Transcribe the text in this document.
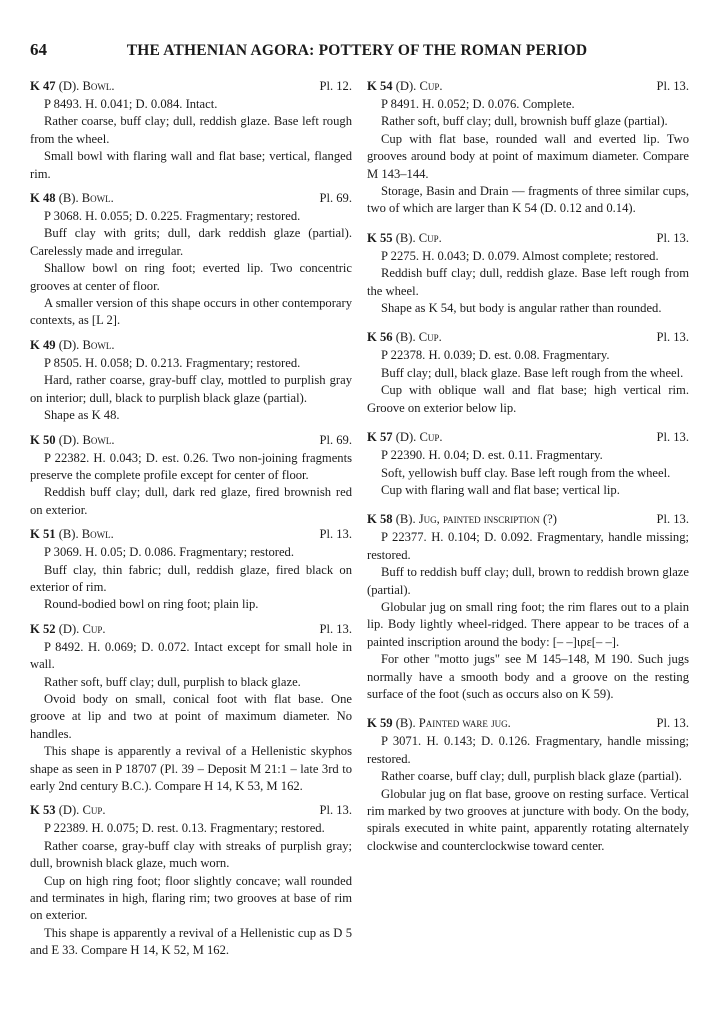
64	THE ATHENIAN AGORA: POTTERY OF THE ROMAN PERIOD
K 47 (D). Bowl.	Pl. 12.
P 8493. H. 0.041; D. 0.084. Intact.
Rather coarse, buff clay; dull, reddish glaze. Base left rough from the wheel.
Small bowl with flaring wall and flat base; vertical, flanged rim.
K 48 (B). Bowl.	Pl. 69.
P 3068. H. 0.055; D. 0.225. Fragmentary; restored.
Buff clay with grits; dull, dark reddish glaze (partial). Carelessly made and irregular.
Shallow bowl on ring foot; everted lip. Two concentric grooves at center of floor.
A smaller version of this shape occurs in other contemporary contexts, as [L 2].
K 49 (D). Bowl.
P 8505. H. 0.058; D. 0.213. Fragmentary; restored.
Hard, rather coarse, gray-buff clay, mottled to purplish gray on interior; dull, black to purplish black glaze (partial).
Shape as K 48.
K 50 (D). Bowl.	Pl. 69.
P 22382. H. 0.043; D. est. 0.26. Two non-joining fragments preserve the complete profile except for center of floor.
Reddish buff clay; dull, dark red glaze, fired brownish red on exterior.
K 51 (B). Bowl.	Pl. 13.
P 3069. H. 0.05; D. 0.086. Fragmentary; restored.
Buff clay, thin fabric; dull, reddish glaze, fired black on exterior of rim.
Round-bodied bowl on ring foot; plain lip.
K 52 (D). Cup.	Pl. 13.
P 8492. H. 0.069; D. 0.072. Intact except for small hole in wall.
Rather soft, buff clay; dull, purplish to black glaze.
Ovoid body on small, conical foot with flat base. One groove at lip and two at point of maximum diameter. No handles.
This shape is apparently a revival of a Hellenistic skyphos shape as seen in P 18707 (Pl. 39 – Deposit M 21:1 – late 3rd to early 2nd century B.C.). Compare H 14, K 53, M 162.
K 53 (D). Cup.	Pl. 13.
P 22389. H. 0.075; D. rest. 0.13. Fragmentary; restored.
Rather coarse, gray-buff clay with streaks of purplish gray; dull, brownish black glaze, much worn.
Cup on high ring foot; floor slightly concave; wall rounded and terminates in high, flaring rim; two grooves at base of rim on exterior.
This shape is apparently a revival of a Hellenistic cup as D 5 and E 33. Compare H 14, K 52, M 162.
K 54 (D). Cup.	Pl. 13.
P 8491. H. 0.052; D. 0.076. Complete.
Rather soft, buff clay; dull, brownish buff glaze (partial).
Cup with flat base, rounded wall and everted lip. Two grooves around body at point of maximum diameter. Compare M 143–144.
Storage, Basin and Drain — fragments of three similar cups, two of which are larger than K 54 (D. 0.12 and 0.14).
K 55 (B). Cup.	Pl. 13.
P 2275. H. 0.043; D. 0.079. Almost complete; restored.
Reddish buff clay; dull, reddish glaze. Base left rough from the wheel.
Shape as K 54, but body is angular rather than rounded.
K 56 (B). Cup.	Pl. 13.
P 22378. H. 0.039; D. est. 0.08. Fragmentary.
Buff clay; dull, black glaze. Base left rough from the wheel.
Cup with oblique wall and flat base; high vertical rim. Groove on exterior below lip.
K 57 (D). Cup.	Pl. 13.
P 22390. H. 0.04; D. est. 0.11. Fragmentary.
Soft, yellowish buff clay. Base left rough from the wheel.
Cup with flaring wall and flat base; vertical lip.
K 58 (B). Jug, painted inscription (?)	Pl. 13.
P 22377. H. 0.104; D. 0.092. Fragmentary, handle missing; restored.
Buff to reddish buff clay; dull, brown to reddish brown glaze (partial).
Globular jug on small ring foot; the rim flares out to a plain lip. Body lightly wheel-ridged. There appear to be traces of a painted inscription around the body: [– –]ιρε[– –].
For other "motto jugs" see M 145–148, M 190. Such jugs normally have a smooth body and a groove on the resting surface of the foot (such as occurs also on K 59).
K 59 (B). Painted ware jug.	Pl. 13.
P 3071. H. 0.143; D. 0.126. Fragmentary, handle missing; restored.
Rather coarse, buff clay; dull, purplish black glaze (partial).
Globular jug on flat base, groove on resting surface. Vertical rim marked by two grooves at juncture with body. On the body, spirals executed in white paint, apparently rotating alternately clockwise and counterclockwise toward center.
